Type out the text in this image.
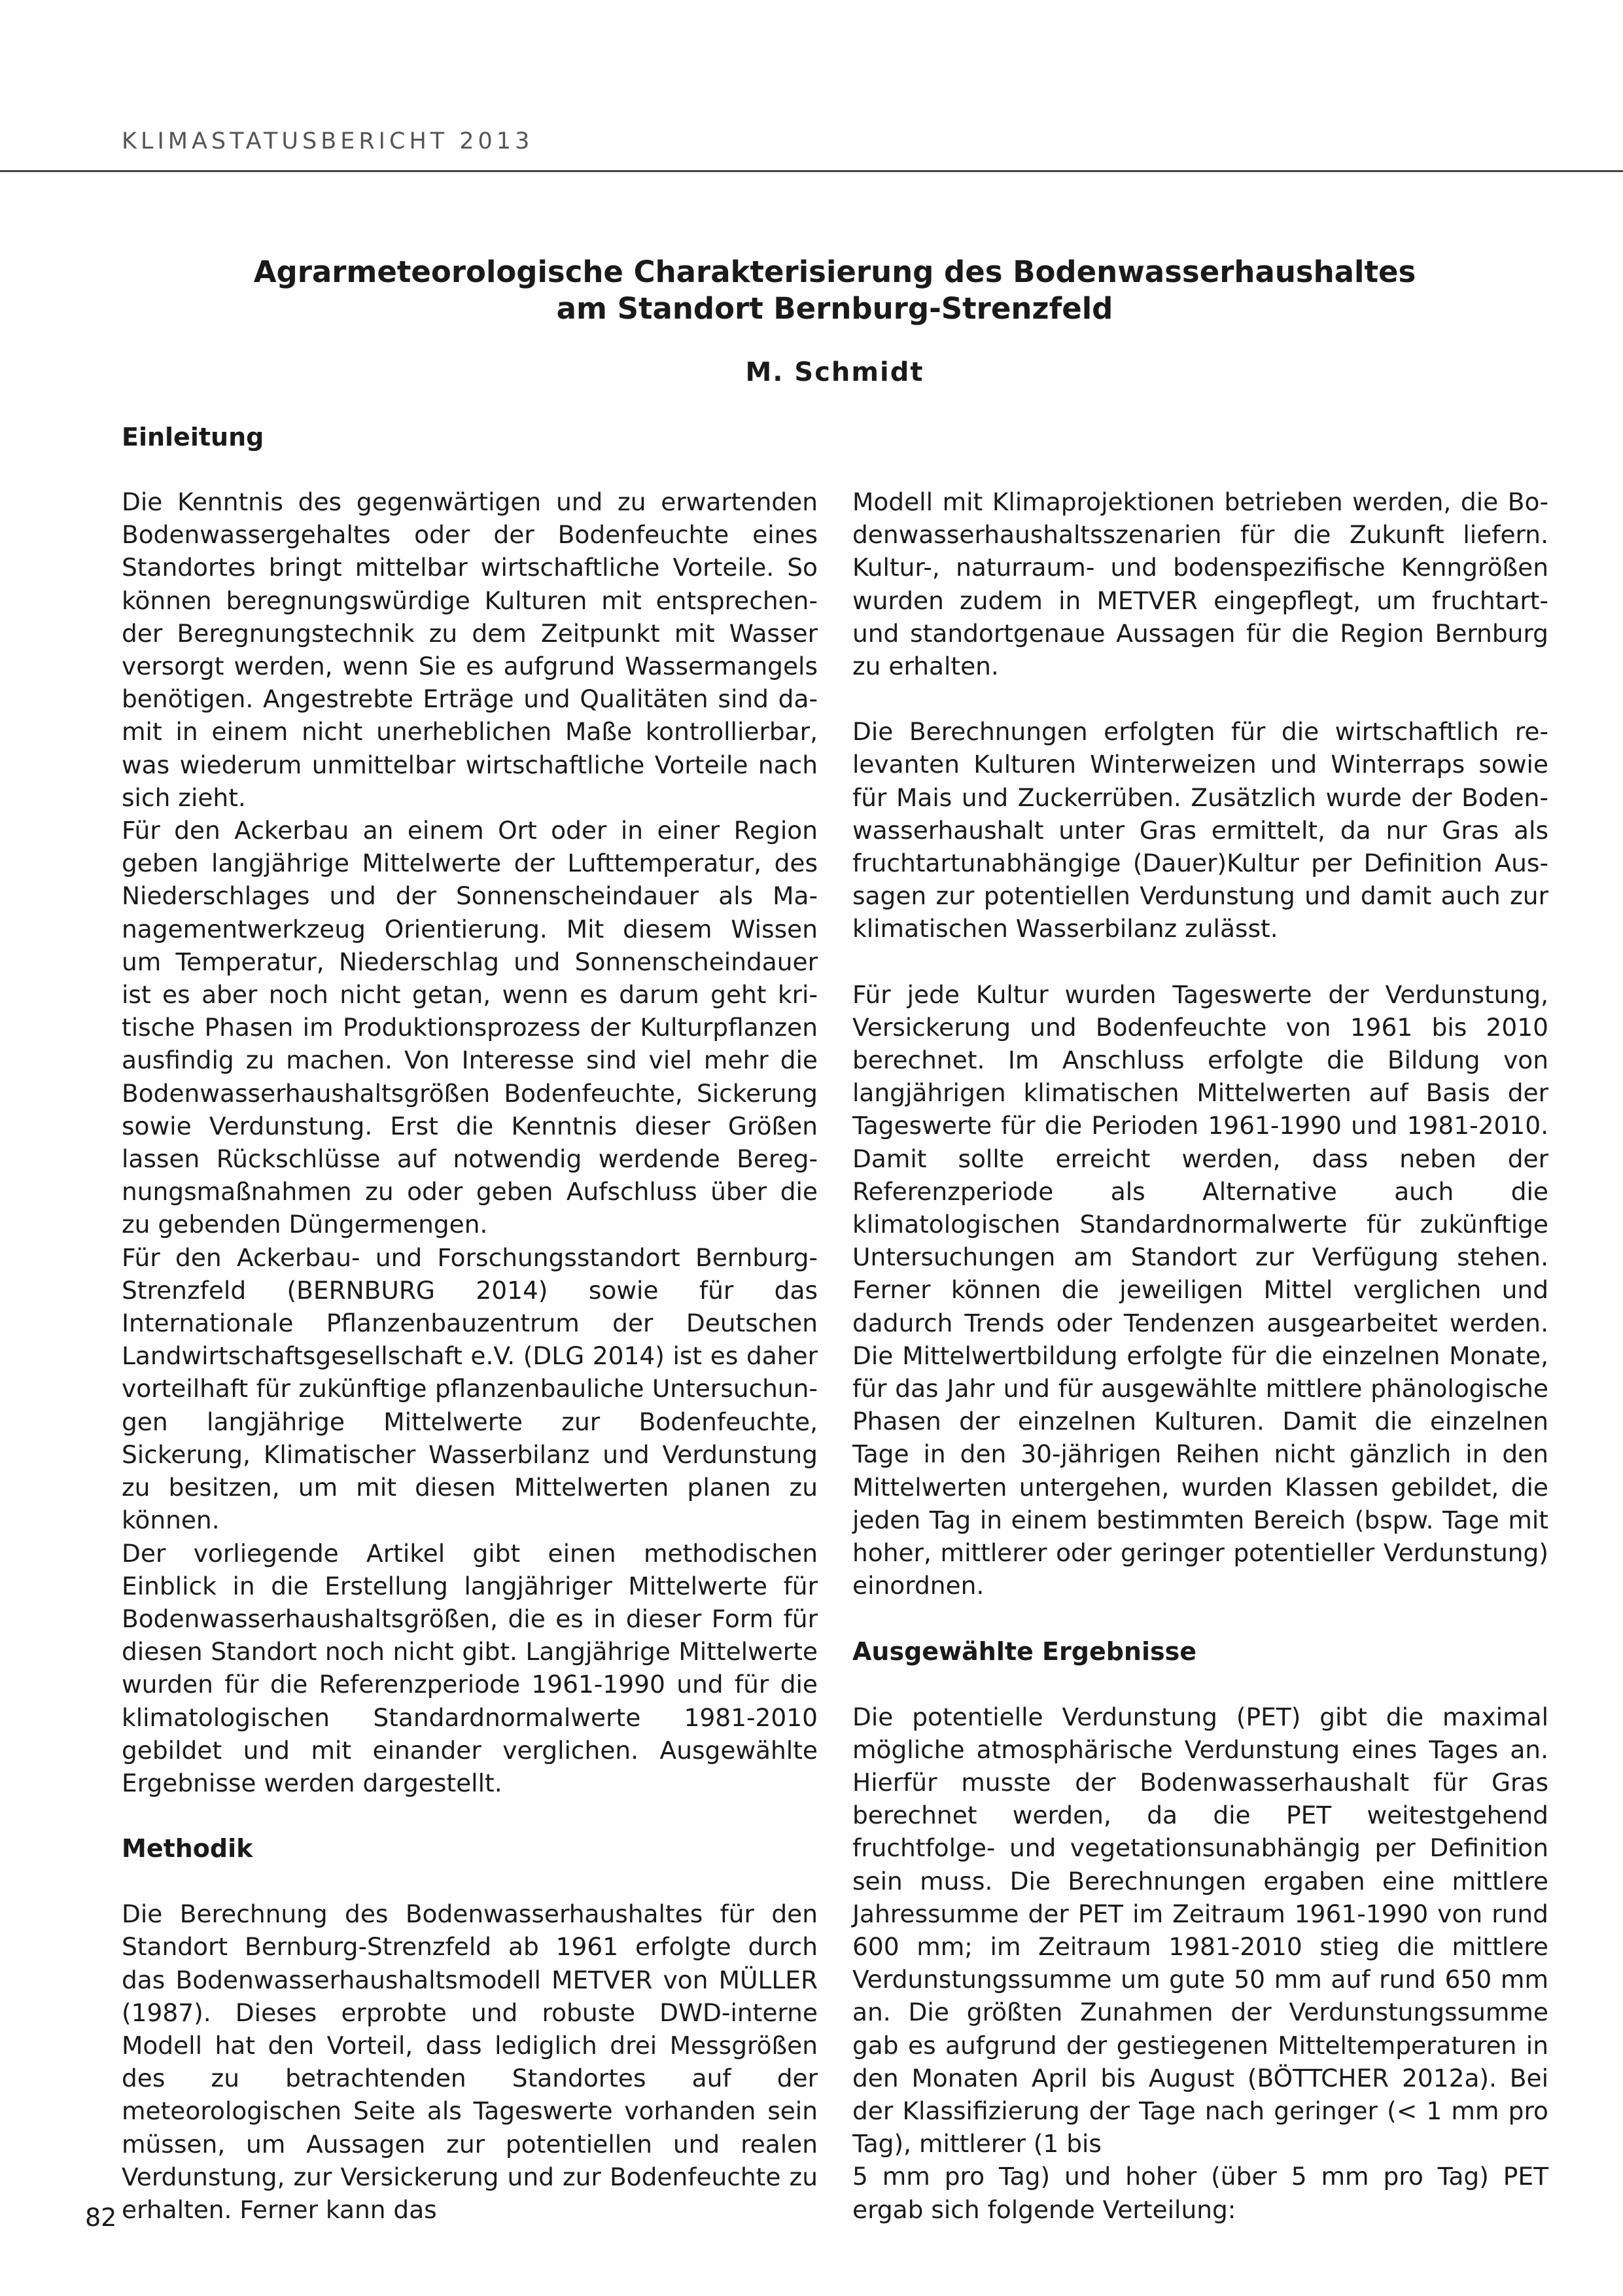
KLIMASTATUSBERICHT 2013
Agrarmeteorologische Charakterisierung des Bodenwasserhaushaltes
am Standort Bernburg-Strenzfeld
M. Schmidt

Einleitung

Die Kenntnis des gegenwärtigen und zu erwartenden Bodenwassergehaltes oder der Bodenfeuchte eines Standortes bringt mittelbar wirtschaftliche Vorteile. So können beregnungswürdige Kulturen mit entsprechender Beregnungstechnik zu dem Zeitpunkt mit Wasser versorgt werden, wenn Sie es aufgrund Wassermangels benötigen. Angestrebte Erträge und Qualitäten sind damit in einem nicht unerheblichen Maße kontrollierbar, was wiederum unmittelbar wirtschaftliche Vorteile nach sich zieht.

Für den Ackerbau an einem Ort oder in einer Region geben langjährige Mittelwerte der Lufttemperatur, des Niederschlages und der Sonnenscheindauer als Managementwerkzeug Orientierung. Mit diesem Wissen um Temperatur, Niederschlag und Sonnenscheindauer ist es aber noch nicht getan, wenn es darum geht kritische Phasen im Produktionsprozess der Kulturpflanzen ausfindig zu machen. Von Interesse sind viel mehr die Bodenwasserhaushaltsgrößen Bodenfeuchte, Sickerung sowie Verdunstung. Erst die Kenntnis dieser Größen lassen Rückschlüsse auf notwendig werdende Beregnungsmaßnahmen zu oder geben Aufschluss über die zu gebenden Düngermengen.

Für den Ackerbau- und Forschungsstandort Bernburg-Strenzfeld (BERNBURG 2014) sowie für das Internationale Pflanzenbauzentrum der Deutschen Landwirtschaftsgesellschaft e.V. (DLG 2014) ist es daher vorteilhaft für zukünftige pflanzenbauliche Untersuchungen langjährige Mittelwerte zur Bodenfeuchte, Sickerung, Klimatischer Wasserbilanz und Verdunstung zu besitzen, um mit diesen Mittelwerten planen zu können.

Der vorliegende Artikel gibt einen methodischen Einblick in die Erstellung langjähriger Mittelwerte für Bodenwasserhaushaltsgrößen, die es in dieser Form für diesen Standort noch nicht gibt. Langjährige Mittelwerte wurden für die Referenzperiode 1961-1990 und für die klimatologischen Standardnormalwerte 1981-2010 gebildet und mit einander verglichen. Ausgewählte Ergebnisse werden dargestellt.

Methodik

Die Berechnung des Bodenwasserhaushaltes für den Standort Bernburg-Strenzfeld ab 1961 erfolgte durch das Bodenwasserhaushaltsmodell METVER von MÜLLER (1987). Dieses erprobte und robuste DWD-interne Modell hat den Vorteil, dass lediglich drei Messgrößen des zu betrachtenden Standortes auf der meteorologischen Seite als Tageswerte vorhanden sein müssen, um Aussagen zur potentiellen und realen Verdunstung, zur Versickerung und zur Bodenfeuchte zu erhalten. Ferner kann das

Modell mit Klimaprojektionen betrieben werden, die Bodenwasserhaushaltsszenarien für die Zukunft liefern. Kultur-, naturraum- und bodenspezifische Kenngrößen wurden zudem in METVER eingepflegt, um fruchtart- und standortgenaue Aussagen für die Region Bernburg zu erhalten.

Die Berechnungen erfolgten für die wirtschaftlich relevanten Kulturen Winterweizen und Winterraps sowie für Mais und Zuckerrüben. Zusätzlich wurde der Bodenwasserhaushalt unter Gras ermittelt, da nur Gras als fruchtartunabhängige (Dauer)Kultur per Definition Aussagen zur potentiellen Verdunstung und damit auch zur klimatischen Wasserbilanz zulässt.

Für jede Kultur wurden Tageswerte der Verdunstung, Versickerung und Bodenfeuchte von 1961 bis 2010 berechnet. Im Anschluss erfolgte die Bildung von langjährigen klimatischen Mittelwerten auf Basis der Tageswerte für die Perioden 1961-1990 und 1981-2010. Damit sollte erreicht werden, dass neben der Referenzperiode als Alternative auch die klimatologischen Standardnormalwerte für zukünftige Untersuchungen am Standort zur Verfügung stehen. Ferner können die jeweiligen Mittel verglichen und dadurch Trends oder Tendenzen ausgearbeitet werden. Die Mittelwertbildung erfolgte für die einzelnen Monate, für das Jahr und für ausgewählte mittlere phänologische Phasen der einzelnen Kulturen. Damit die einzelnen Tage in den 30-jährigen Reihen nicht gänzlich in den Mittelwerten untergehen, wurden Klassen gebildet, die jeden Tag in einem bestimmten Bereich (bspw. Tage mit hoher, mittlerer oder geringer potentieller Verdunstung) einordnen.

Ausgewählte Ergebnisse

Die potentielle Verdunstung (PET) gibt die maximal mögliche atmosphärische Verdunstung eines Tages an. Hierfür musste der Bodenwasserhaushalt für Gras berechnet werden, da die PET weitestgehend fruchtfolge- und vegetationsunabhängig per Definition sein muss. Die Berechnungen ergaben eine mittlere Jahressumme der PET im Zeitraum 1961-1990 von rund 600 mm; im Zeitraum 1981-2010 stieg die mittlere Verdunstungssumme um gute 50 mm auf rund 650 mm an. Die größten Zunahmen der Verdunstungssumme gab es aufgrund der gestiegenen Mitteltemperaturen in den Monaten April bis August (BÖTTCHER 2012a). Bei der Klassifizierung der Tage nach geringer (< 1 mm pro Tag), mittlerer (1 bis

5 mm pro Tag) und hoher (über 5 mm pro Tag) PET ergab sich folgende Verteilung:

82
